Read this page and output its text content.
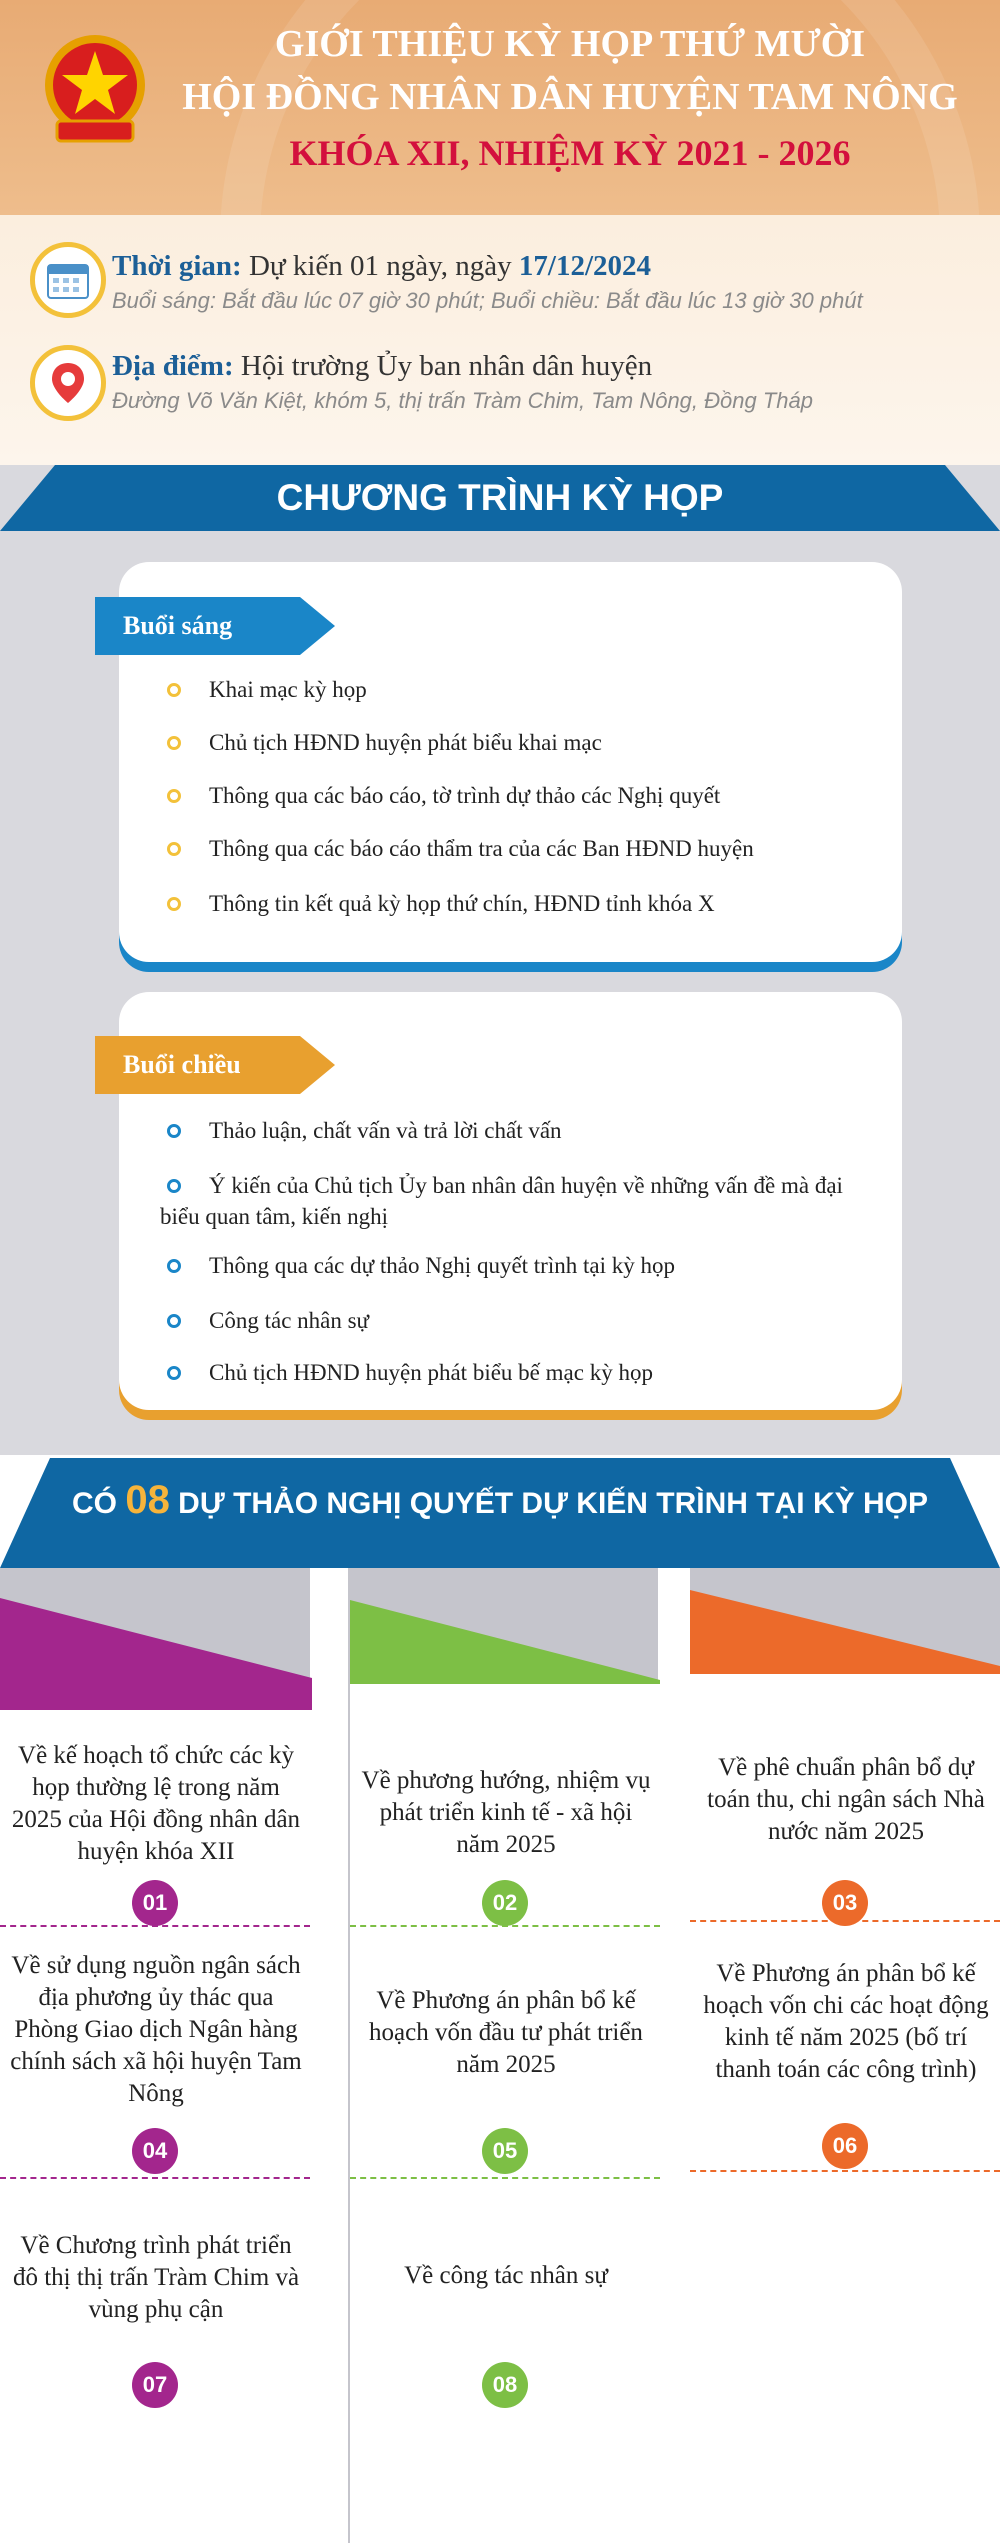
GIỚI THIỆU KỲ HỌP THỨ MƯỜI
HỘI ĐỒNG NHÂN DÂN HUYỆN TAM NÔNG
KHÓA XII, NHIỆM KỲ 2021 - 2026
Thời gian: Dự kiến 01 ngày, ngày 17/12/2024
Buổi sáng: Bắt đầu lúc 07 giờ 30 phút; Buổi chiều: Bắt đầu lúc 13 giờ 30 phút
Địa điểm: Hội trường Ủy ban nhân dân huyện
Đường Võ Văn Kiệt, khóm 5, thị trấn Tràm Chim, Tam Nông, Đồng Tháp
CHƯƠNG TRÌNH KỲ HỌP
Buổi sáng
Khai mạc kỳ họp
Chủ tịch HĐND huyện phát biểu khai mạc
Thông qua các báo cáo, tờ trình dự thảo các Nghị quyết
Thông qua các báo cáo thẩm tra của các Ban HĐND huyện
Thông tin kết quả kỳ họp thứ chín, HĐND tỉnh khóa X
Buổi chiều
Thảo luận, chất vấn và trả lời chất vấn
Ý kiến của Chủ tịch Ủy ban nhân dân huyện về những vấn đề mà đại biểu quan tâm, kiến nghị
Thông qua các dự thảo Nghị quyết trình tại kỳ họp
Công tác nhân sự
Chủ tịch HĐND huyện phát biểu bế mạc kỳ họp
CÓ 08 DỰ THẢO NGHỊ QUYẾT DỰ KIẾN TRÌNH TẠI KỲ HỌP
Về kế hoạch tổ chức các kỳ họp thường lệ trong năm 2025 của Hội đồng nhân dân huyện khóa XII
01
Về phương hướng, nhiệm vụ phát triển kinh tế - xã hội năm 2025
02
Về phê chuẩn phân bổ dự toán thu, chi ngân sách Nhà nước năm 2025
03
Về sử dụng nguồn ngân sách địa phương ủy thác qua Phòng Giao dịch Ngân hàng chính sách xã hội huyện Tam Nông
04
Về Phương án phân bổ kế hoạch vốn đầu tư phát triển năm 2025
05
Về Phương án phân bổ kế hoạch vốn chi các hoạt động kinh tế năm 2025 (bố trí thanh toán các công trình)
06
Về Chương trình phát triển đô thị thị trấn Tràm Chim và vùng phụ cận
07
Về công tác nhân sự
08
